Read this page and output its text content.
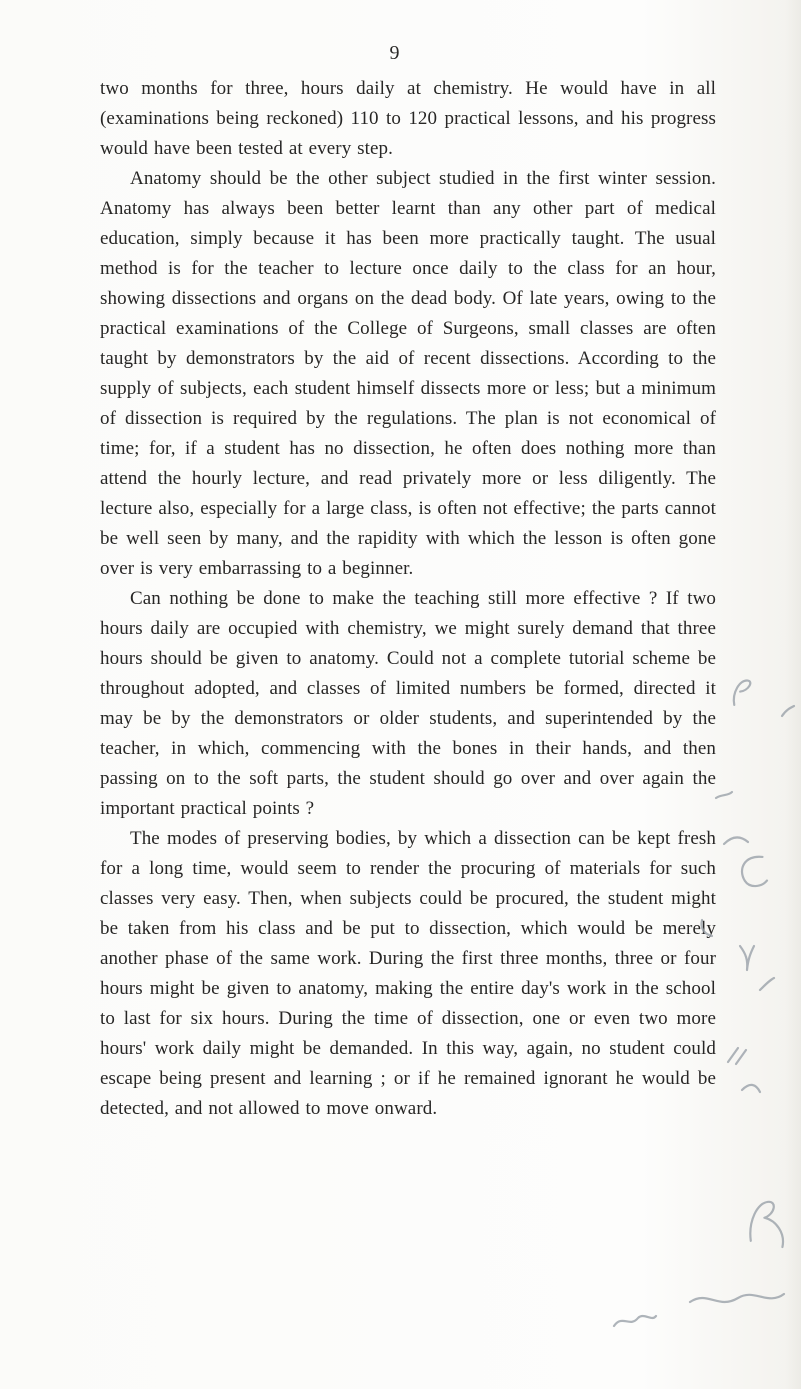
9

two months for three, hours daily at chemistry. He would have in all (examinations being reckoned) 110 to 120 practical lessons, and his progress would have been tested at every step.

Anatomy should be the other subject studied in the first winter session. Anatomy has always been better learnt than any other part of medical education, simply because it has been more practically taught. The usual method is for the teacher to lecture once daily to the class for an hour, showing dissections and organs on the dead body. Of late years, owing to the practical examinations of the College of Surgeons, small classes are often taught by demonstrators by the aid of recent dissections. According to the supply of subjects, each student himself dissects more or less; but a minimum of dissection is required by the regulations. The plan is not economical of time; for, if a student has no dissection, he often does nothing more than attend the hourly lecture, and read privately more or less diligently. The lecture also, especially for a large class, is often not effective; the parts cannot be well seen by many, and the rapidity with which the lesson is often gone over is very embarrassing to a beginner.

Can nothing be done to make the teaching still more effective ? If two hours daily are occupied with chemistry, we might surely demand that three hours should be given to anatomy. Could not a complete tutorial scheme be throughout adopted, and classes of limited numbers be formed, directed it may be by the demonstrators or older students, and superintended by the teacher, in which, commencing with the bones in their hands, and then passing on to the soft parts, the student should go over and over again the important practical points ?

The modes of preserving bodies, by which a dissection can be kept fresh for a long time, would seem to render the procuring of materials for such classes very easy. Then, when subjects could be procured, the student might be taken from his class and be put to dissection, which would be merely another phase of the same work. During the first three months, three or four hours might be given to anatomy, making the entire day's work in the school to last for six hours. During the time of dissection, one or even two more hours' work daily might be demanded. In this way, again, no student could escape being present and learning ; or if he remained ignorant he would be detected, and not allowed to move onward.
